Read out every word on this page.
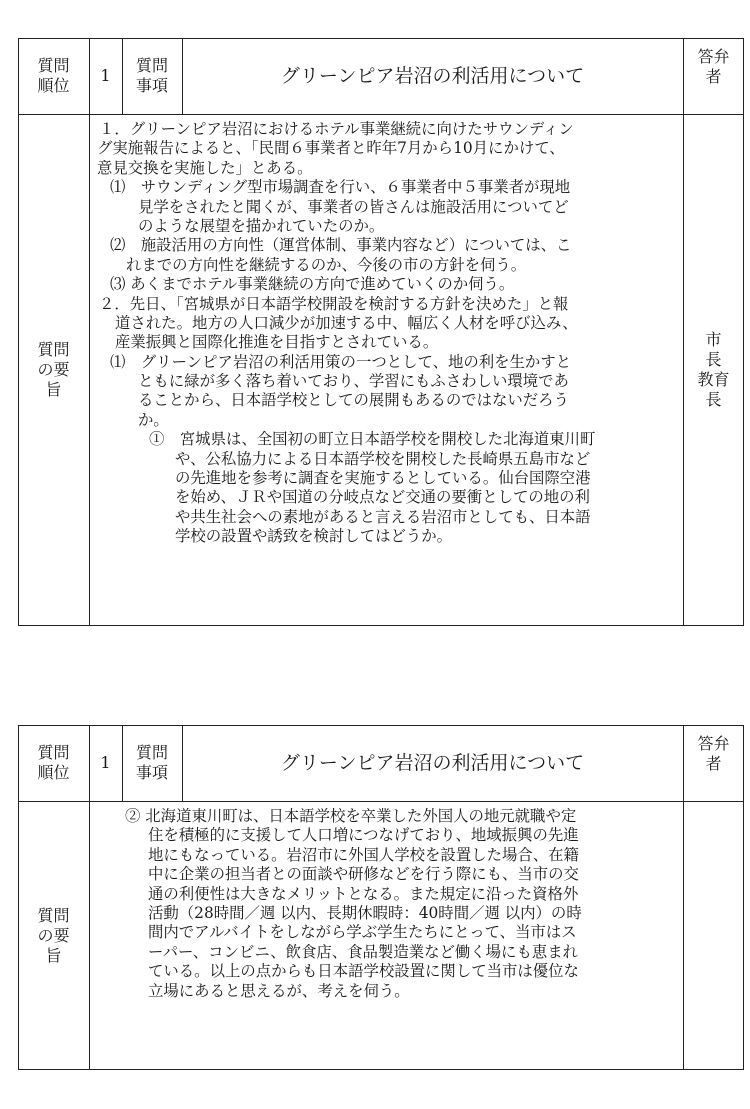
質問
順位
1
質問
事項	グリーンピア岩沼の利活用について
答弁
者
質問
の要
旨
市
長
教育
長
１．グリーンピア岩沼におけるホテル事業継続に向けたサウンディン
グ実施報告によると、「民間６事業者と昨年7月から10月にかけて、
意見交換を実施した」とある。
⑴　サウンディング型市場調査を行い、６事業者中５事業者が現地
見学をされたと聞くが、事業者の皆さんは施設活用についてど
のような展望を描かれていたのか。
⑵　施設活用の方向性（運営体制、事業内容など）については、こ
れまでの方向性を継続するのか、今後の市の方針を伺う。
⑶ あくまでホテル事業継続の方向で進めていくのか伺う。
２．先日、「宮城県が日本語学校開設を検討する方針を決めた」と報
道された。地方の人口減少が加速する中、幅広く人材を呼び込み、
産業振興と国際化推進を目指すとされている。
⑴　グリーンピア岩沼の利活用策の一つとして、地の利を生かすと
ともに緑が多く落ち着いており、学習にもふさわしい環境であ
ることから、日本語学校としての展開もあるのではないだろう
か。
①　宮城県は、全国初の町立日本語学校を開校した北海道東川町
や、公私協力による日本語学校を開校した長崎県五島市など
の先進地を参考に調査を実施するとしている。仙台国際空港
を始め、ＪＲや国道の分岐点など交通の要衝としての地の利
や共生社会への素地があると言える岩沼市としても、日本語
学校の設置や誘致を検討してはどうか。
質問
順位
1
質問
事項	グリーンピア岩沼の利活用について
答弁
者
質問
の要
旨
② 北海道東川町は、日本語学校を卒業した外国人の地元就職や定
住を積極的に支援して人口増につなげており、地域振興の先進
地にもなっている。岩沼市に外国人学校を設置した場合、在籍
中に企業の担当者との面談や研修などを行う際にも、当市の交
通の利便性は大きなメリットとなる。また規定に沿った資格外
活動（28時間／週 以内、長期休暇時：40時間／週 以内）の時
間内でアルバイトをしながら学ぶ学生たちにとって、当市はス
ーパー、コンビニ、飲食店、食品製造業など働く場にも恵まれ
ている。以上の点からも日本語学校設置に関して当市は優位な
立場にあると思えるが、考えを伺う。
